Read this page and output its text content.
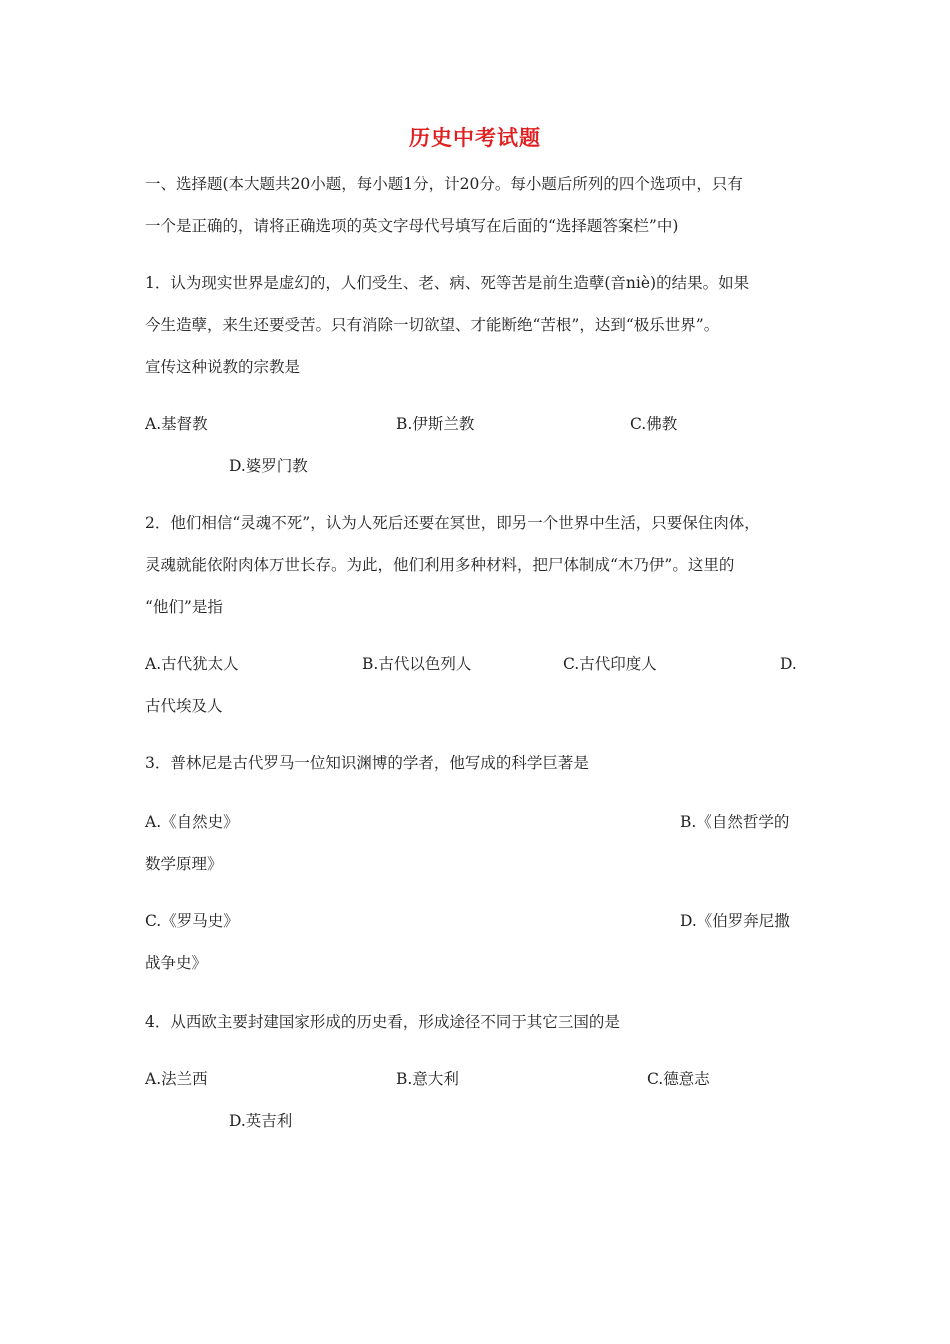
历史中考试题
一、选择题(本大题共20小题，每小题1分，计20分。每小题后所列的四个选项中，只有
一个是正确的，请将正确选项的英文字母代号填写在后面的“选择题答案栏”中)
1．认为现实世界是虚幻的，人们受生、老、病、死等苦是前生造孽(音niè)的结果。如果
今生造孽，来生还要受苦。只有消除一切欲望、才能断绝“苦根”，达到“极乐世界”。
宣传这种说教的宗教是
A.基督教	B.伊斯兰教	C.佛教
D.婆罗门教
2．他们相信“灵魂不死”，认为人死后还要在冥世，即另一个世界中生活，只要保住肉体，
灵魂就能依附肉体万世长存。为此，他们利用多种材料，把尸体制成“木乃伊”。这里的
“他们”是指
A.古代犹太人	B.古代以色列人	C.古代印度人	D.
古代埃及人
3．普林尼是古代罗马一位知识渊博的学者，他写成的科学巨著是
A.《自然史》	B.《自然哲学的
数学原理》
C.《罗马史》	D.《伯罗奔尼撒
战争史》
4．从西欧主要封建国家形成的历史看，形成途径不同于其它三国的是
A.法兰西	B.意大利	C.德意志
D.英吉利
